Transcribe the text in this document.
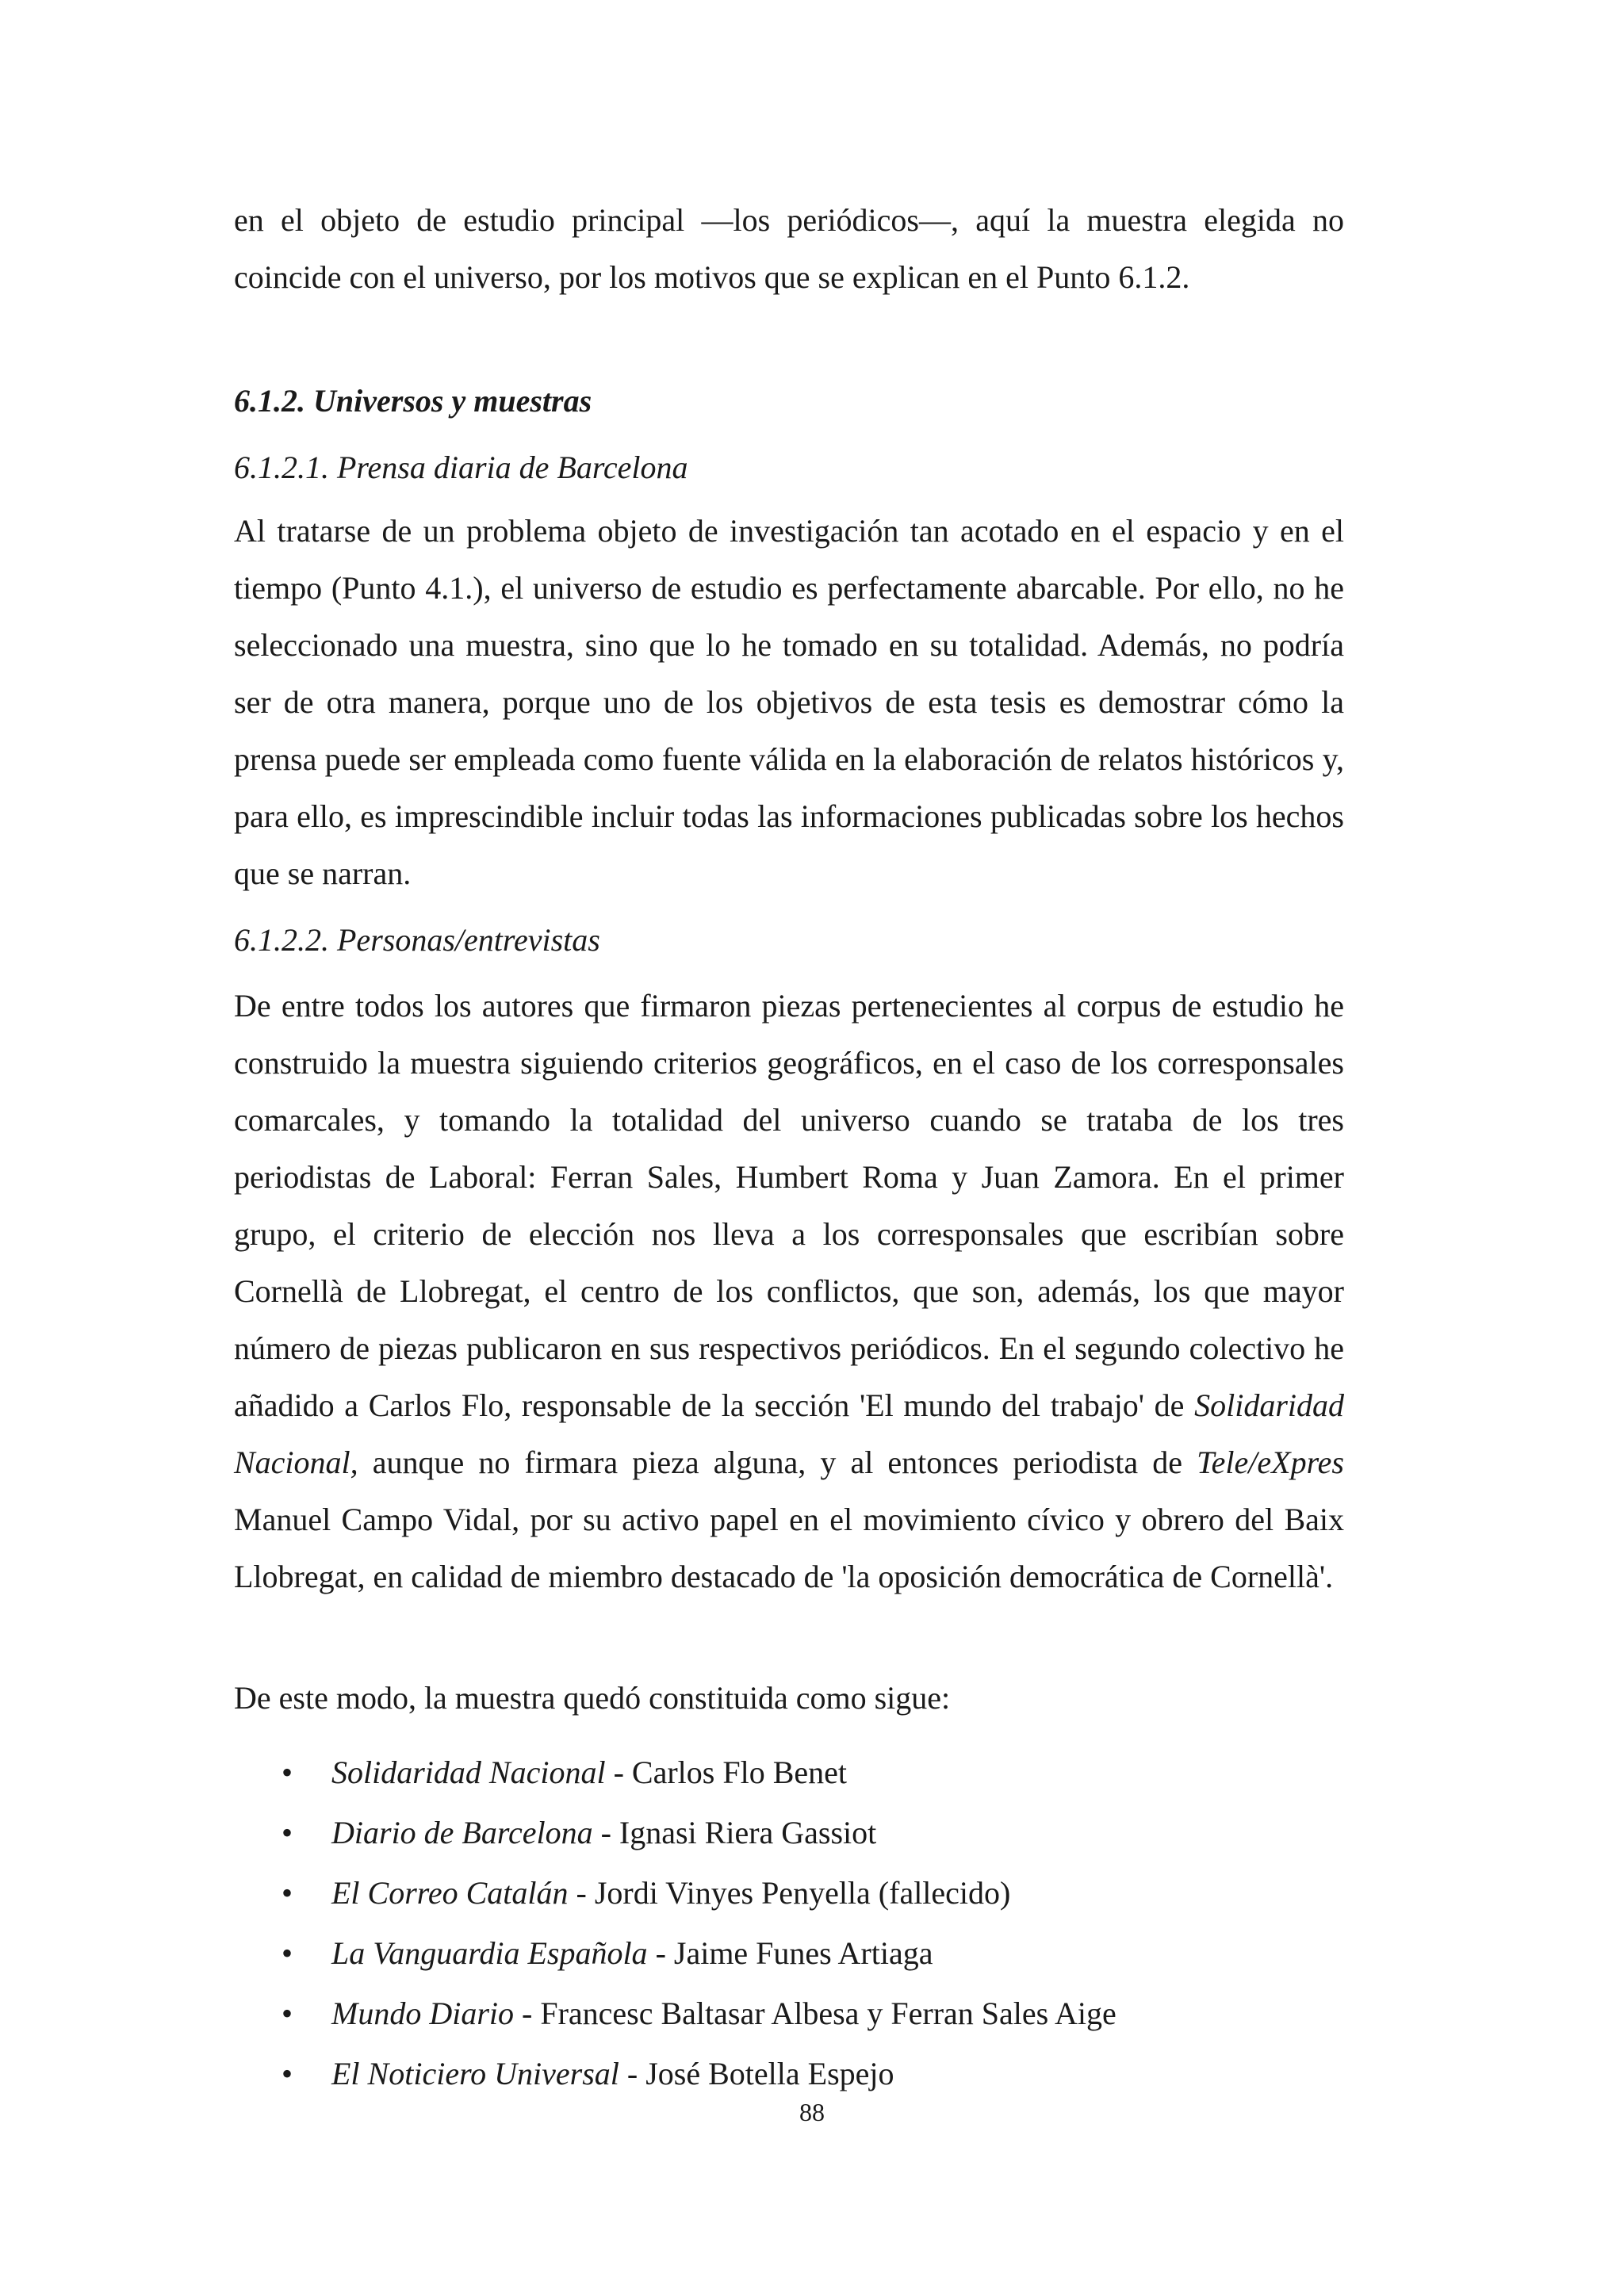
en el objeto de estudio principal —los periódicos—, aquí la muestra elegida no

coincide con el universo, por los motivos que se explican en el Punto 6.1.2.

6.1.2. Universos y muestras
6.1.2.1. Prensa diaria de Barcelona

Al tratarse de un problema objeto de investigación tan acotado en el espacio y en el tiempo (Punto 4.1.), el universo de estudio es perfectamente abarcable. Por ello, no he seleccionado una muestra, sino que lo he tomado en su totalidad. Además, no podría ser de otra manera, porque uno de los objetivos de esta tesis es demostrar cómo la prensa puede ser empleada como fuente válida en la elaboración de relatos históricos y, para ello, es imprescindible incluir todas las informaciones publicadas sobre los hechos que se narran.

6.1.2.2. Personas/entrevistas

De entre todos los autores que firmaron piezas pertenecientes al corpus de estudio he construido la muestra siguiendo criterios geográficos, en el caso de los corresponsales comarcales, y tomando la totalidad del universo cuando se trataba de los tres periodistas de Laboral: Ferran Sales, Humbert Roma y Juan Zamora. En el primer grupo, el criterio de elección nos lleva a los corresponsales que escribían sobre Cornellà de Llobregat, el centro de los conflictos, que son, además, los que mayor número de piezas publicaron en sus respectivos periódicos. En el segundo colectivo he añadido a Carlos Flo, responsable de la sección 'El mundo del trabajo' de Solidaridad Nacional, aunque no firmara pieza alguna, y al entonces periodista de Tele/eXpres Manuel Campo Vidal, por su activo papel en el movimiento cívico y obrero del Baix Llobregat, en calidad de miembro destacado de 'la oposición democrática de Cornellà'.

De este modo, la muestra quedó constituida como sigue:

• Solidaridad Nacional - Carlos Flo Benet
• Diario de Barcelona - Ignasi Riera Gassiot
• El Correo Catalán - Jordi Vinyes Penyella (fallecido)
• La Vanguardia Española - Jaime Funes Artiaga
• Mundo Diario - Francesc Baltasar Albesa y Ferran Sales Aige
• El Noticiero Universal - José Botella Espejo
88
